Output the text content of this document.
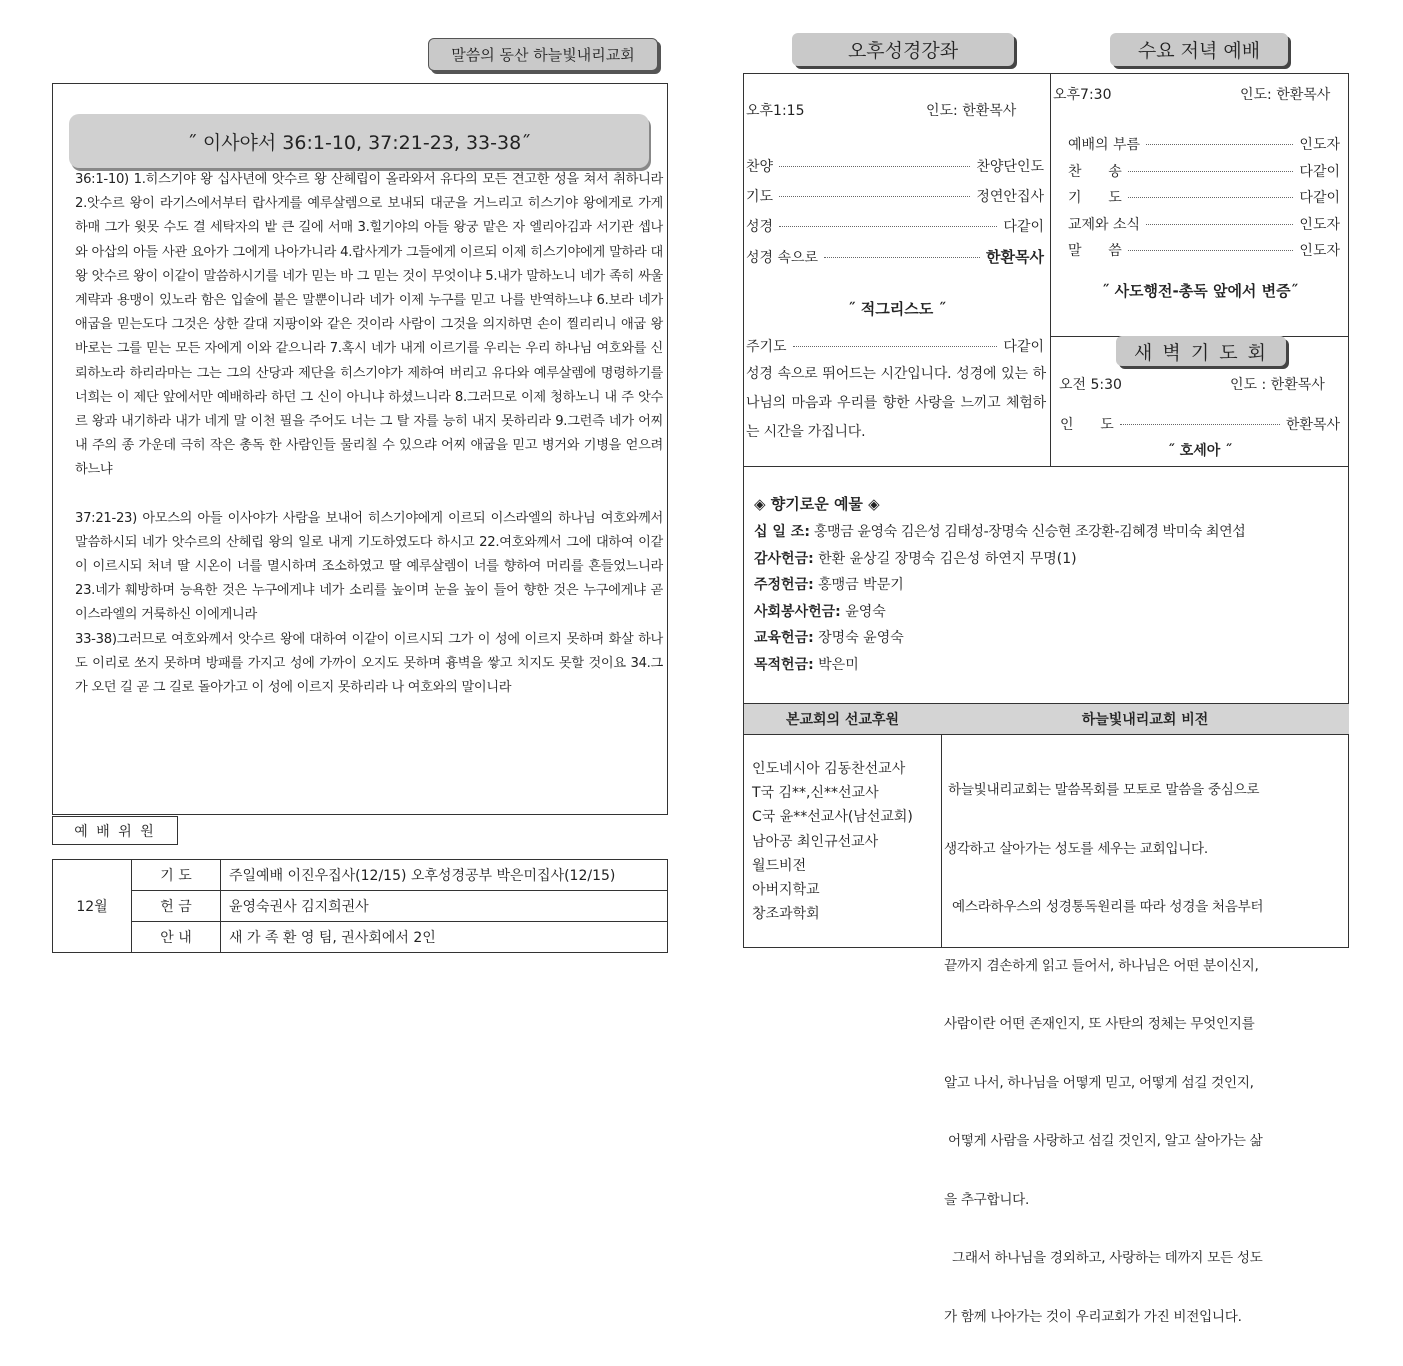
말씀의 동산 하늘빛내리교회
˝ 이사야서 36:1-10, 37:21-23, 33-38˝

36:1-10) 1.히스기야 왕 십사년에 앗수르 왕 산헤립이 올라와서 유다의 모든 견고한 성을 쳐서 취하니라 2.앗수르 왕이 라기스에서부터 랍사게를 예루살렘으로 보내되 대군을 거느리고 히스기야 왕에게로 가게 하매 그가 윗못 수도 결 세탁자의 밭 큰 길에 서매 3.힐기야의 아들 왕궁 맡은 자 엘리아김과 서기관 셉나와 아삽의 아들 사관 요아가 그에게 나아가니라 4.랍사게가 그들에게 이르되 이제 히스기야에게 말하라 대왕 앗수르 왕이 이같이 말씀하시기를 네가 믿는 바 그 믿는 것이 무엇이냐 5.내가 말하노니 네가 족히 싸울 계략과 용맹이 있노라 함은 입술에 붙은 말뿐이니라 네가 이제 누구를 믿고 나를 반역하느냐 6.보라 네가 애굽을 믿는도다 그것은 상한 갈대 지팡이와 같은 것이라 사람이 그것을 의지하면 손이 찔리리니 애굽 왕 바로는 그를 믿는 모든 자에게 이와 같으니라 7.혹시 네가 내게 이르기를 우리는 우리 하나님 여호와를 신뢰하노라 하리라마는 그는 그의 산당과 제단을 히스기야가 제하여 버리고 유다와 예루살렘에 명령하기를 너희는 이 제단 앞에서만 예배하라 하던 그 신이 아니냐 하셨느니라 8.그러므로 이제 청하노니 내 주 앗수르 왕과 내기하라 내가 네게 말 이천 필을 주어도 너는 그 탈 자를 능히 내지 못하리라 9.그런즉 네가 어찌 내 주의 종 가운데 극히 작은 총독 한 사람인들 물리칠 수 있으랴 어찌 애굽을 믿고 병거와 기병을 얻으려 하느냐

37:21-23) 아모스의 아들 이사야가 사람을 보내어 히스기야에게 이르되 이스라엘의 하나님 여호와께서 말씀하시되 네가 앗수르의 산헤립 왕의 일로 내게 기도하였도다 하시고 22.여호와께서 그에 대하여 이같이 이르시되 처녀 딸 시온이 너를 멸시하며 조소하였고 딸 예루살렘이 너를 향하여 머리를 흔들었느니라 23.네가 훼방하며 능욕한 것은 누구에게냐 네가 소리를 높이며 눈을 높이 들어 향한 것은 누구에게냐 곧 이스라엘의 거룩하신 이에게니라

33-38)그러므로 여호와께서 앗수르 왕에 대하여 이같이 이르시되 그가 이 성에 이르지 못하며 화살 하나도 이리로 쏘지 못하며 방패를 가지고 성에 가까이 오지도 못하며 흉벽을 쌓고 치지도 못할 것이요 34.그가 오던 길 곧 그 길로 돌아가고 이 성에 이르지 못하리라 나 여호와의 말이니라

예 배 위 원
12월	기 도	주일예배 이진우집사(12/15) 오후성경공부 박은미집사(12/15)
	헌 금	윤영숙권사 김지희권사
	안 내	새 가 족 환 영 팀, 권사회에서 2인
오후성경강좌	수요 저녁 예배
오후1:15	인도: 한환목사
찬양	찬양단인도
기도	정연안집사
성경	다같이
성경 속으로	한환목사
˝ 적그리스도 ˝
주기도	다같이
성경 속으로 뛰어드는 시간입니다. 성경에 있는 하나님의 마음과 우리를 향한 사랑을 느끼고 체험하는 시간을 가집니다.
오후7:30	인도: 한환목사
예배의 부름	인도자
찬      송	다같이
기      도	다같이
교제와 소식	인도자
말      씀	인도자
˝ 사도행전-총독 앞에서 변증˝
새 벽 기 도 회
오전 5:30	인도 : 한환목사
인      도	한환목사
˝ 호세아 ˝
◈ 향기로운 예물 ◈
십 일 조: 홍맹금 윤영숙 김은성 김태성-장명숙 신승현 조강환-김혜경 박미숙 최연섭
감사헌금: 한환 윤상길 장명숙 김은성 하연지 무명(1)
주정헌금: 홍맹금 박문기
사회봉사헌금: 윤영숙
교육헌금: 장명숙 윤영숙
목적헌금: 박은미
본교회의 선교후원	하늘빛내리교회 비전
인도네시아 김동찬선교사
T국 김**,신**선교사
C국 윤**선교사(남선교회)
남아공 최인규선교사
월드비전
아버지학교
창조과학회

하늘빛내리교회는 말씀목회를 모토로 말씀을 중심으로

생각하고 살아가는 성도를 세우는 교회입니다.

예스라하우스의 성경통독원리를 따라 성경을 처음부터

끝까지 겸손하게 읽고 들어서, 하나님은 어떤 분이신지,

사람이란 어떤 존재인지, 또 사탄의 정체는 무엇인지를

알고 나서, 하나님을 어떻게 믿고, 어떻게 섬길 것인지,

어떻게 사람을 사랑하고 섬길 것인지, 알고 살아가는 삶

을 추구합니다.

그래서 하나님을 경외하고, 사랑하는 데까지 모든 성도

가 함께 나아가는 것이 우리교회가 가진 비전입니다.
